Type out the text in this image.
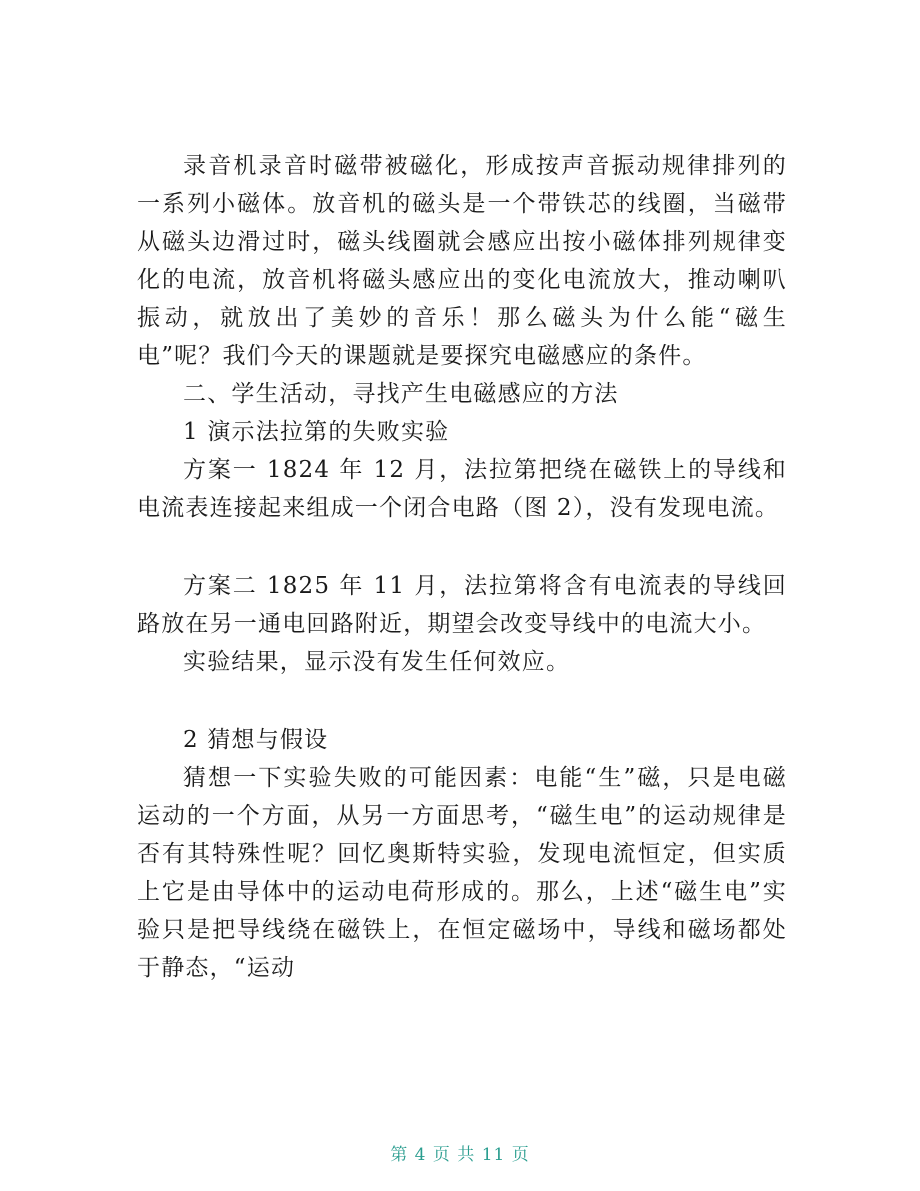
录音机录音时磁带被磁化，形成按声音振动规律排列的一系列小磁体。放音机的磁头是一个带铁芯的线圈，当磁带从磁头边滑过时，磁头线圈就会感应出按小磁体排列规律变化的电流，放音机将磁头感应出的变化电流放大，推动喇叭振动，就放出了美妙的音乐！那么磁头为什么能“磁生电”呢？我们今天的课题就是要探究电磁感应的条件。

二、学生活动，寻找产生电磁感应的方法

1 演示法拉第的失败实验

方案一 1824 年 12 月，法拉第把绕在磁铁上的导线和电流表连接起来组成一个闭合电路（图 2），没有发现电流。

方案二 1825 年 11 月，法拉第将含有电流表的导线回路放在另一通电回路附近，期望会改变导线中的电流大小。

实验结果，显示没有发生任何效应。

2 猜想与假设

猜想一下实验失败的可能因素：电能“生”磁，只是电磁运动的一个方面，从另一方面思考，“磁生电”的运动规律是否有其特殊性呢？回忆奥斯特实验，发现电流恒定，但实质上它是由导体中的运动电荷形成的。那么，上述“磁生电”实验只是把导线绕在磁铁上，在恒定磁场中，导线和磁场都处于静态，“运动

第 4 页 共 11 页
